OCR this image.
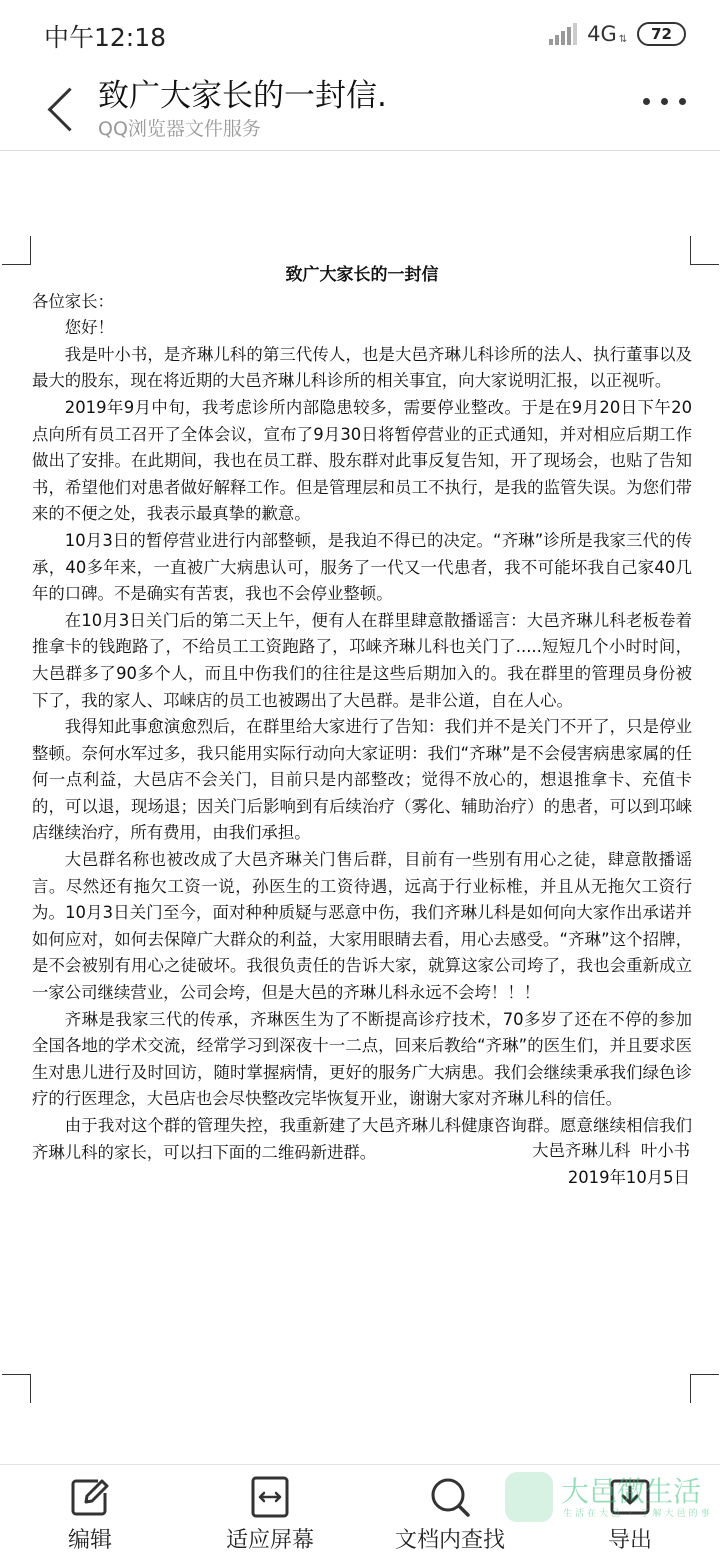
中午12:18	4G ⇅	72
致广大家长的一封信.
QQ浏览器文件服务
致广大家长的一封信

各位家长：

您好！

我是叶小书，是齐琳儿科的第三代传人，也是大邑齐琳儿科诊所的法人、执行董事以及最大的股东，现在将近期的大邑齐琳儿科诊所的相关事宜，向大家说明汇报，以正视听。

2019年9月中旬，我考虑诊所内部隐患较多，需要停业整改。于是在9月20日下午20点向所有员工召开了全体会议，宣布了9月30日将暂停营业的正式通知，并对相应后期工作做出了安排。在此期间，我也在员工群、股东群对此事反复告知，开了现场会，也贴了告知书，希望他们对患者做好解释工作。但是管理层和员工不执行，是我的监管失误。为您们带来的不便之处，我表示最真挚的歉意。

10月3日的暂停营业进行内部整顿，是我迫不得已的决定。“齐琳”诊所是我家三代的传承，40多年来，一直被广大病患认可，服务了一代又一代患者，我不可能坏我自己家40几年的口碑。不是确实有苦衷，我也不会停业整顿。

在10月3日关门后的第二天上午，便有人在群里肆意散播谣言：大邑齐琳儿科老板卷着推拿卡的钱跑路了，不给员工工资跑路了，邛崃齐琳儿科也关门了.....短短几个小时时间，大邑群多了90多个人，而且中伤我们的往往是这些后期加入的。我在群里的管理员身份被下了，我的家人、邛崃店的员工也被踢出了大邑群。是非公道，自在人心。

我得知此事愈演愈烈后，在群里给大家进行了告知：我们并不是关门不开了，只是停业整顿。奈何水军过多，我只能用实际行动向大家证明：我们“齐琳”是不会侵害病患家属的任何一点利益，大邑店不会关门，目前只是内部整改；觉得不放心的，想退推拿卡、充值卡的，可以退，现场退；因关门后影响到有后续治疗（雾化、辅助治疗）的患者，可以到邛崃店继续治疗，所有费用，由我们承担。

大邑群名称也被改成了大邑齐琳关门售后群，目前有一些别有用心之徒，肆意散播谣言。尽然还有拖欠工资一说，孙医生的工资待遇，远高于行业标椎，并且从无拖欠工资行为。10月3日关门至今，面对种种质疑与恶意中伤，我们齐琳儿科是如何向大家作出承诺并如何应对，如何去保障广大群众的利益，大家用眼睛去看，用心去感受。“齐琳”这个招牌，是不会被别有用心之徒破坏。我很负责任的告诉大家，就算这家公司垮了，我也会重新成立一家公司继续营业，公司会垮，但是大邑的齐琳儿科永远不会垮！！！

齐琳是我家三代的传承，齐琳医生为了不断提高诊疗技术，70多岁了还在不停的参加全国各地的学术交流，经常学习到深夜十一二点，回来后教给“齐琳”的医生们，并且要求医生对患儿进行及时回访，随时掌握病情，更好的服务广大病患。我们会继续秉承我们绿色诊疗的行医理念，大邑店也会尽快整改完毕恢复开业，谢谢大家对齐琳儿科的信任。

由于我对这个群的管理失控，我重新建了大邑齐琳儿科健康咨询群。愿意继续相信我们齐琳儿科的家长，可以扫下面的二维码新进群。	大邑齐琳儿科  叶小书
2019年10月5日
编辑	适应屏幕	文档内查找	导出
大邑微生活
生活在大邑 · 了解大邑的事
